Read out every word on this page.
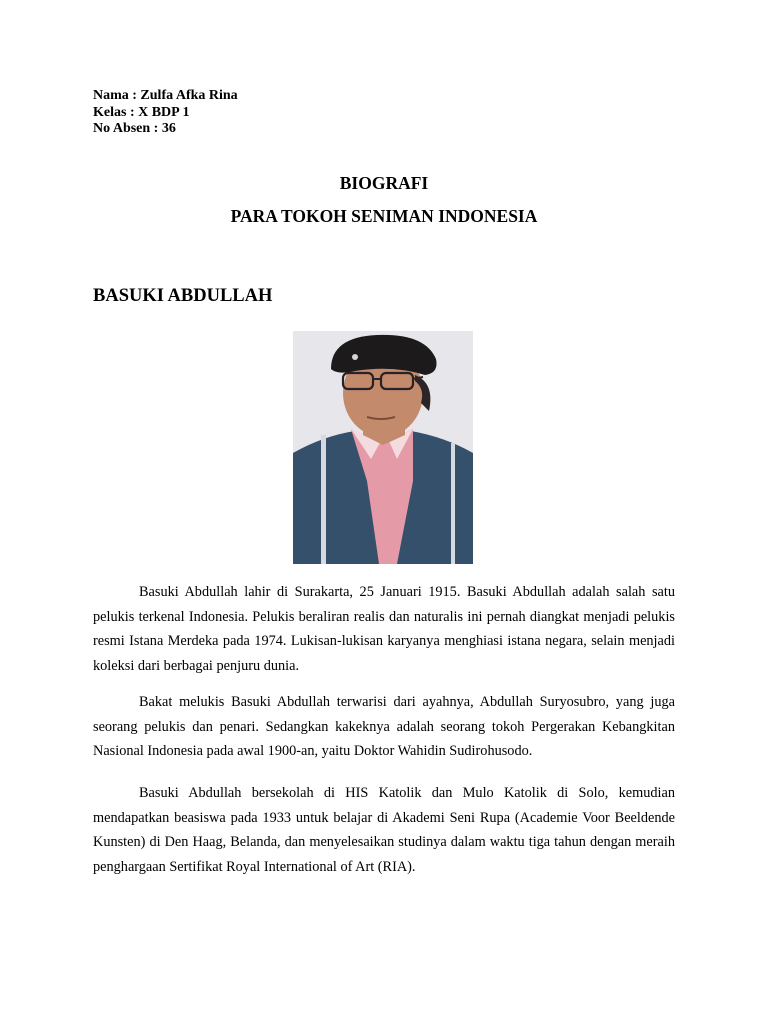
Nama : Zulfa Afka Rina
Kelas : X BDP 1
No Absen : 36
BIOGRAFI
PARA TOKOH SENIMAN INDONESIA
BASUKI ABDULLAH

Basuki Abdullah lahir di Surakarta, 25 Januari 1915. Basuki Abdullah adalah salah satu pelukis terkenal Indonesia. Pelukis beraliran realis dan naturalis ini pernah diangkat menjadi pelukis resmi Istana Merdeka pada 1974. Lukisan-lukisan karyanya menghiasi istana negara, selain menjadi koleksi dari berbagai penjuru dunia.

Bakat melukis Basuki Abdullah terwarisi dari ayahnya, Abdullah Suryosubro, yang juga seorang pelukis dan penari. Sedangkan kakeknya adalah seorang tokoh Pergerakan Kebangkitan Nasional Indonesia pada awal 1900-an, yaitu Doktor Wahidin Sudirohusodo.

Basuki Abdullah bersekolah di HIS Katolik dan Mulo Katolik di Solo, kemudian mendapatkan beasiswa pada 1933 untuk belajar di Akademi Seni Rupa (Academie Voor Beeldende Kunsten) di Den Haag, Belanda, dan menyelesaikan studinya dalam waktu tiga tahun dengan meraih penghargaan Sertifikat Royal International of Art (RIA).
